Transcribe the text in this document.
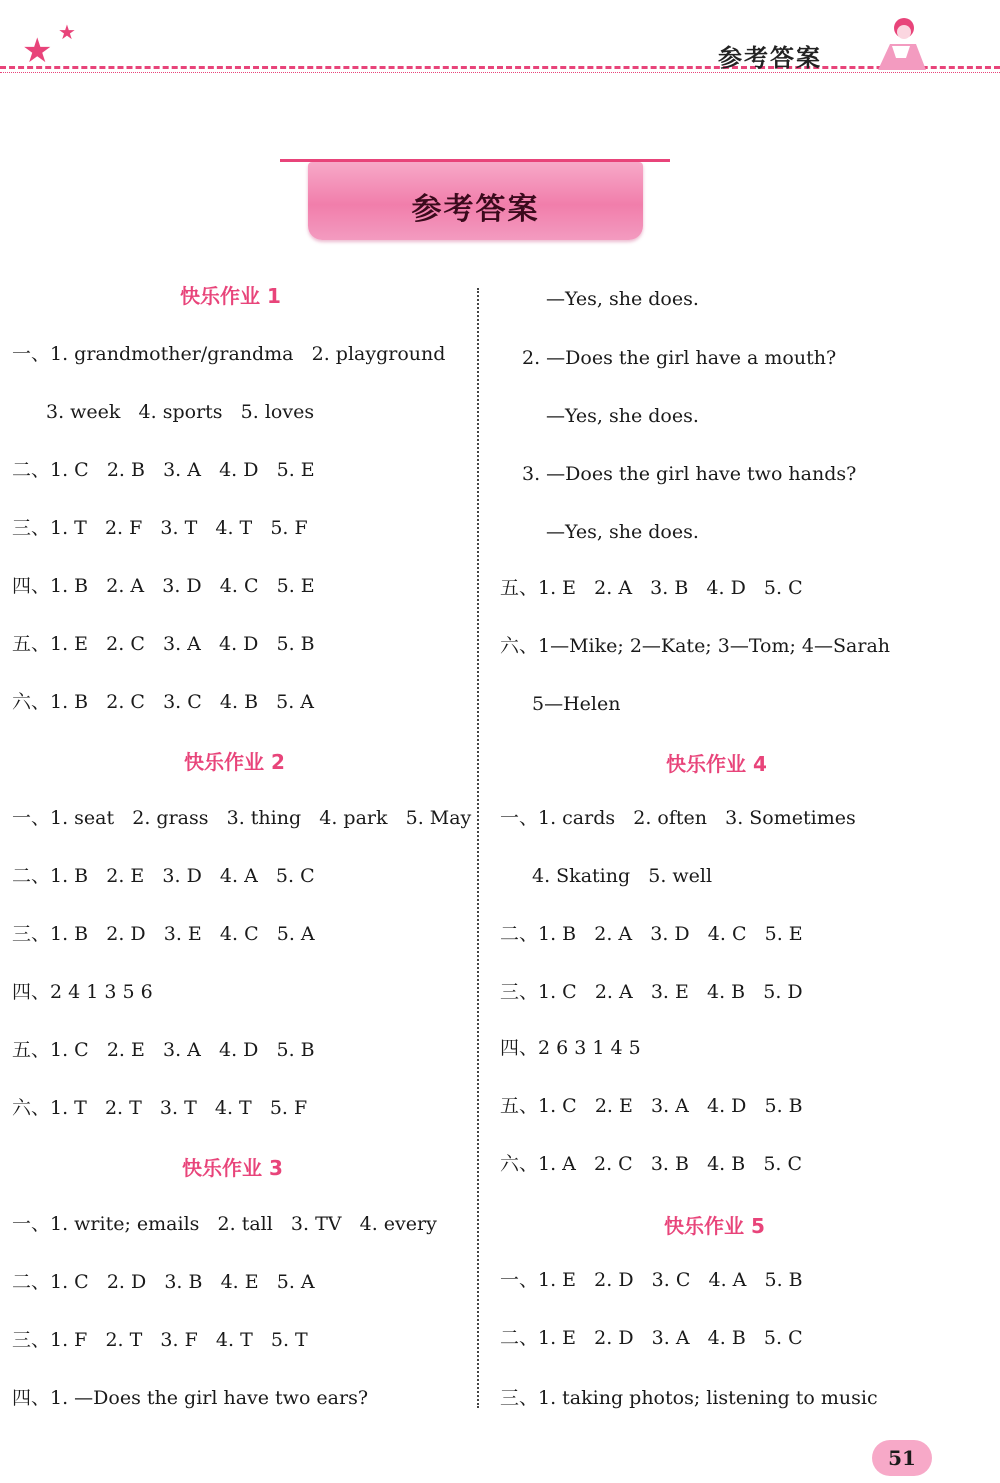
★ ★
参考答案
参考答案
快乐作业 1
一、1. grandmother/grandma   2. playground
3. week   4. sports   5. loves
二、1. C   2. B   3. A   4. D   5. E
三、1. T   2. F   3. T   4. T   5. F
四、1. B   2. A   3. D   4. C   5. E
五、1. E   2. C   3. A   4. D   5. B
六、1. B   2. C   3. C   4. B   5. A
快乐作业 2
一、1. seat   2. grass   3. thing   4. park   5. May
二、1. B   2. E   3. D   4. A   5. C
三、1. B   2. D   3. E   4. C   5. A
四、2 4 1 3 5 6
五、1. C   2. E   3. A   4. D   5. B
六、1. T   2. T   3. T   4. T   5. F
快乐作业 3
一、1. write; emails   2. tall   3. TV   4. every
二、1. C   2. D   3. B   4. E   5. A
三、1. F   2. T   3. F   4. T   5. T
四、1. —Does the girl have two ears?
—Yes, she does.
2. —Does the girl have a mouth?
—Yes, she does.
3. —Does the girl have two hands?
—Yes, she does.
五、1. E   2. A   3. B   4. D   5. C
六、1—Mike; 2—Kate; 3—Tom; 4—Sarah
5—Helen
快乐作业 4
一、1. cards   2. often   3. Sometimes
4. Skating   5. well
二、1. B   2. A   3. D   4. C   5. E
三、1. C   2. A   3. E   4. B   5. D
四、2 6 3 1 4 5
五、1. C   2. E   3. A   4. D   5. B
六、1. A   2. C   3. B   4. B   5. C
快乐作业 5
一、1. E   2. D   3. C   4. A   5. B
二、1. E   2. D   3. A   4. B   5. C
三、1. taking photos; listening to music
51
